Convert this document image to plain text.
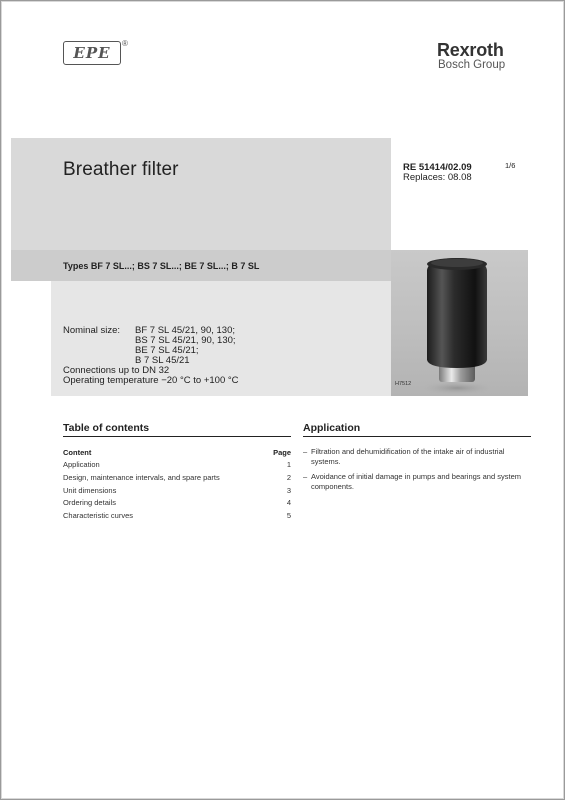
EPE
®	Rexroth
Bosch Group
Breather filter	RE 51414/02.09
Replaces: 08.08
1/6
Types BF 7 SL...; BS 7 SL...; BE 7 SL...; B 7 SL
Nominal size:	BF 7 SL 45/21, 90, 130;
BS 7 SL 45/21, 90, 130;
BE 7 SL 45/21;
B 7 SL 45/21
Connections up to DN 32
Operating temperature −20 °C to +100 °C	H7512
Table of contents	Application
Content	Page
Application	1
Design, maintenance intervals, and spare parts	2
Unit dimensions	3
Ordering details	4
Characteristic curves	5
– Filtration and dehumidification of the intake air of industrial systems.
– Avoidance of initial damage in pumps and bearings and system components.
